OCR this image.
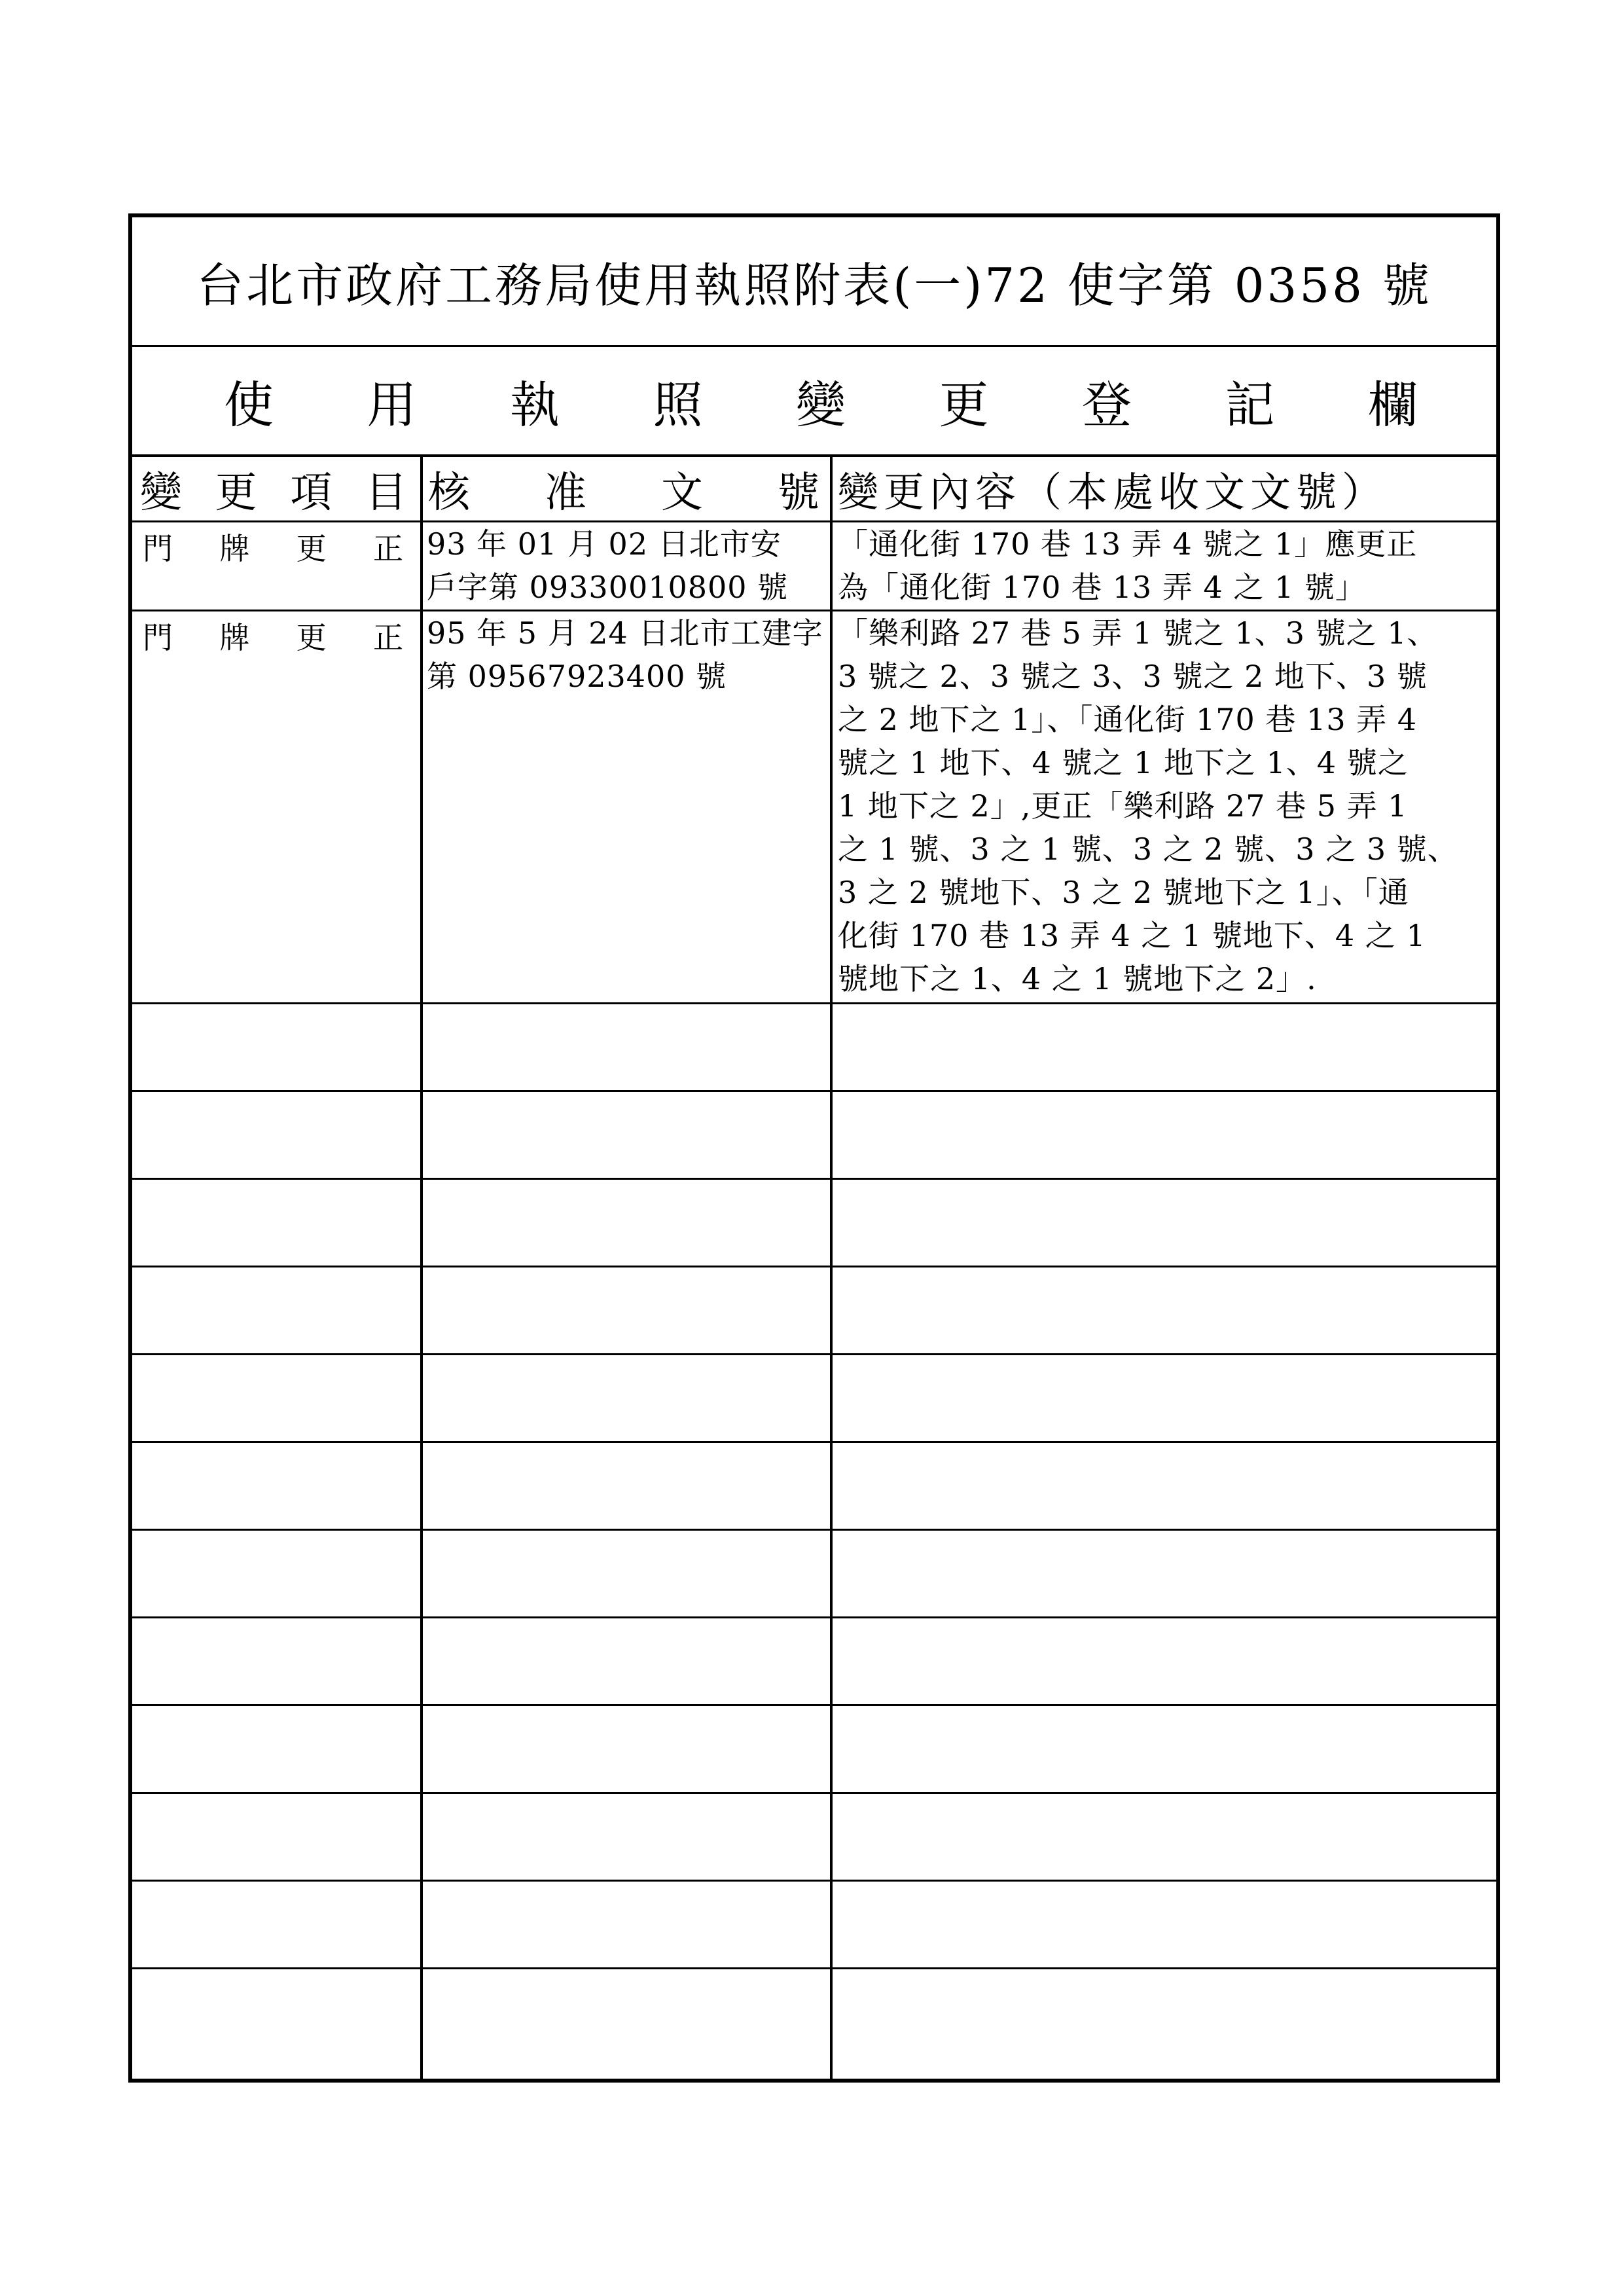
台北市政府工務局使用執照附表(一)72 使字第 0358 號
使 用 執 照 變 更 登 記 欄
變 更 項 目 核 准 文 號 變更內容（本處收文文號）
門 牌 更 正 93 年 01 月 02 日北市安
戶字第 09330010800 號
「通化街 170 巷 13 弄 4 號之 1」應更正
為「通化街 170 巷 13 弄 4 之 1 號」
門 牌 更 正 95 年 5 月 24 日北市工建字
第 09567923400 號
「樂利路 27 巷 5 弄 1 號之 1、3 號之 1、
3 號之 2、3 號之 3、3 號之 2 地下、3 號
之 2 地下之 1」、「通化街 170 巷 13 弄 4
號之 1 地下、4 號之 1 地下之 1、4 號之
1 地下之 2」,更正「樂利路 27 巷 5 弄 1
之 1 號、3 之 1 號、3 之 2 號、3 之 3 號、
3 之 2 號地下、3 之 2 號地下之 1」、「通
化街 170 巷 13 弄 4 之 1 號地下、4 之 1
號地下之 1、4 之 1 號地下之 2」.
